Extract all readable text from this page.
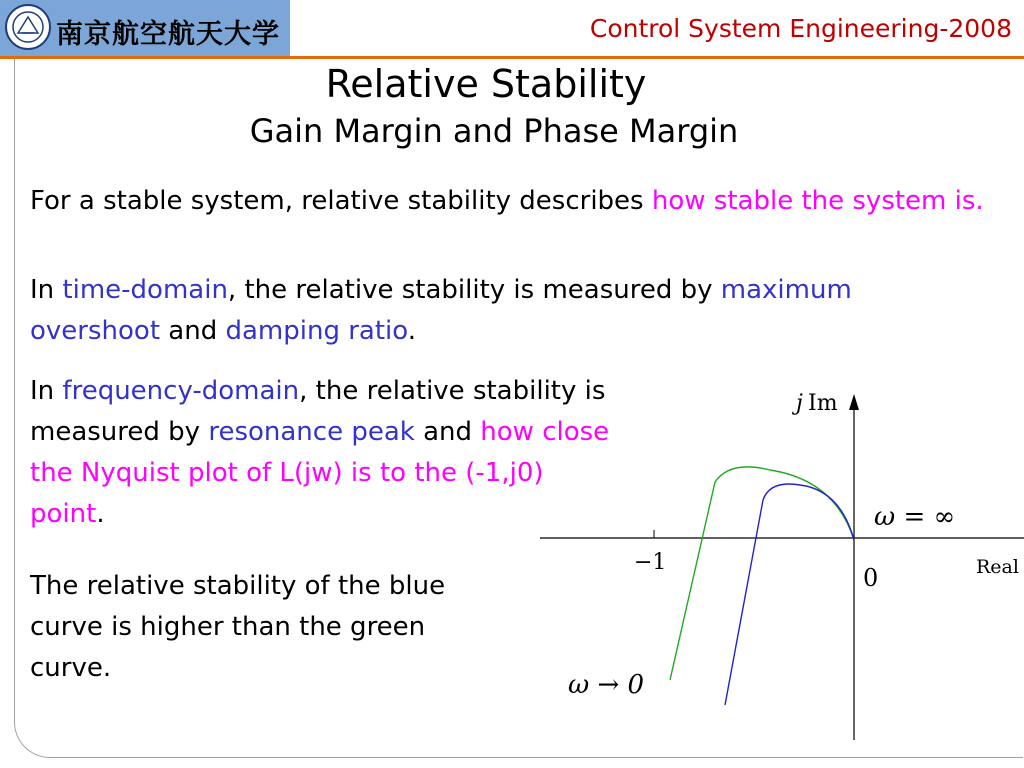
南京航空航天大学	Control System Engineering-2008
Relative Stability
Gain Margin and Phase Margin
For a stable system, relative stability describes how stable the system is.
In time-domain, the relative stability is measured by maximum overshoot and damping ratio.
In frequency-domain, the relative stability is measured by resonance peak and how close the Nyquist plot of L(jw) is to the (-1,j0) point.
The relative stability of the blue curve is higher than the green curve.
j Im
Real
−1
0
ω = ∞
ω → 0
